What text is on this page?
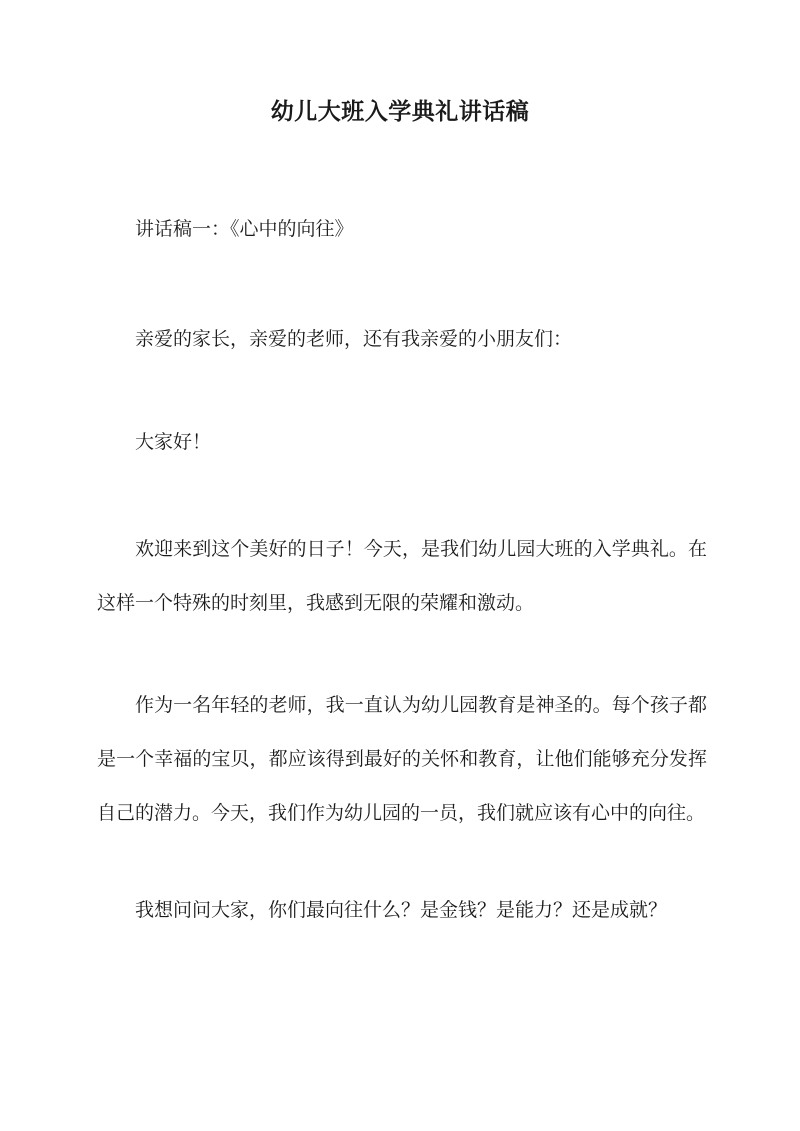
幼儿大班入学典礼讲话稿

讲话稿一：《心中的向往》

亲爱的家长，亲爱的老师，还有我亲爱的小朋友们：

大家好！

欢迎来到这个美好的日子！今天，是我们幼儿园大班的入学典礼。在这样一个特殊的时刻里，我感到无限的荣耀和激动。

作为一名年轻的老师，我一直认为幼儿园教育是神圣的。每个孩子都是一个幸福的宝贝，都应该得到最好的关怀和教育，让他们能够充分发挥自己的潜力。今天，我们作为幼儿园的一员，我们就应该有心中的向往。

我想问问大家，你们最向往什么？是金钱？是能力？还是成就？
